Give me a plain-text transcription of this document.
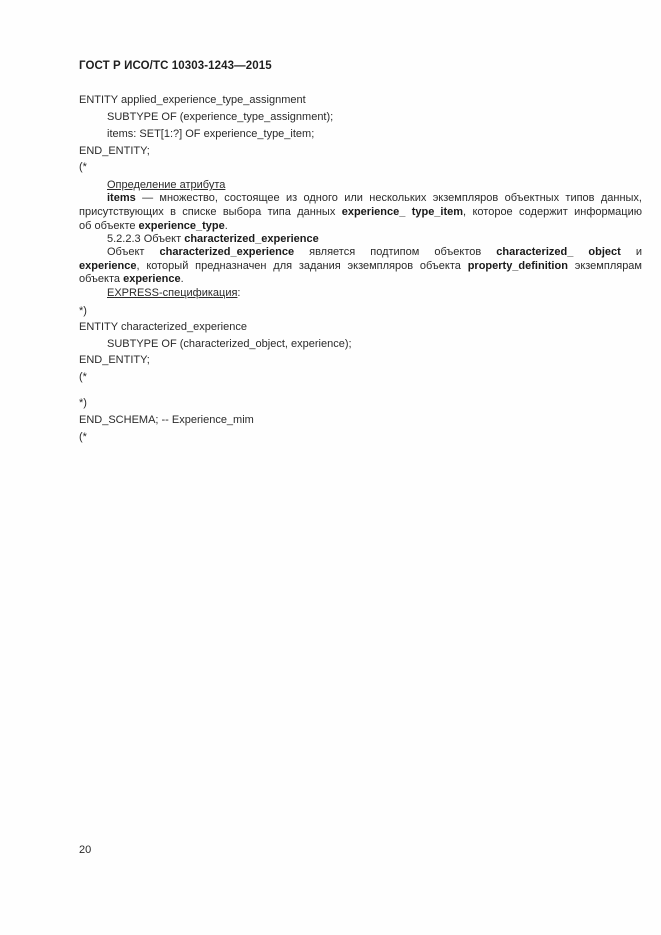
ГОСТ Р ИСО/ТС 10303-1243—2015
ENTITY applied_experience_type_assignment
SUBTYPE OF (experience_type_assignment);
items: SET[1:?] OF experience_type_item;
END_ENTITY;
(*
Определение атрибута
items — множество, состоящее из одного или нескольких экземпляров объектных типов данных,
присутствующих в списке выбора типа данных experience_ type_item, которое содержит информацию
об объекте experience_type.
5.2.2.3 Объект characterized_experience
Объект characterized_experience является подтипом объектов characterized_ object и
experience, который предназначен для задания экземпляров объекта property_definition экземплярам
объекта experience.
EXPRESS-спецификация:
*)
ENTITY characterized_experience
SUBTYPE OF (characterized_object, experience);
END_ENTITY;
(*
*)
END_SCHEMA; -- Experience_mim
(*
20
